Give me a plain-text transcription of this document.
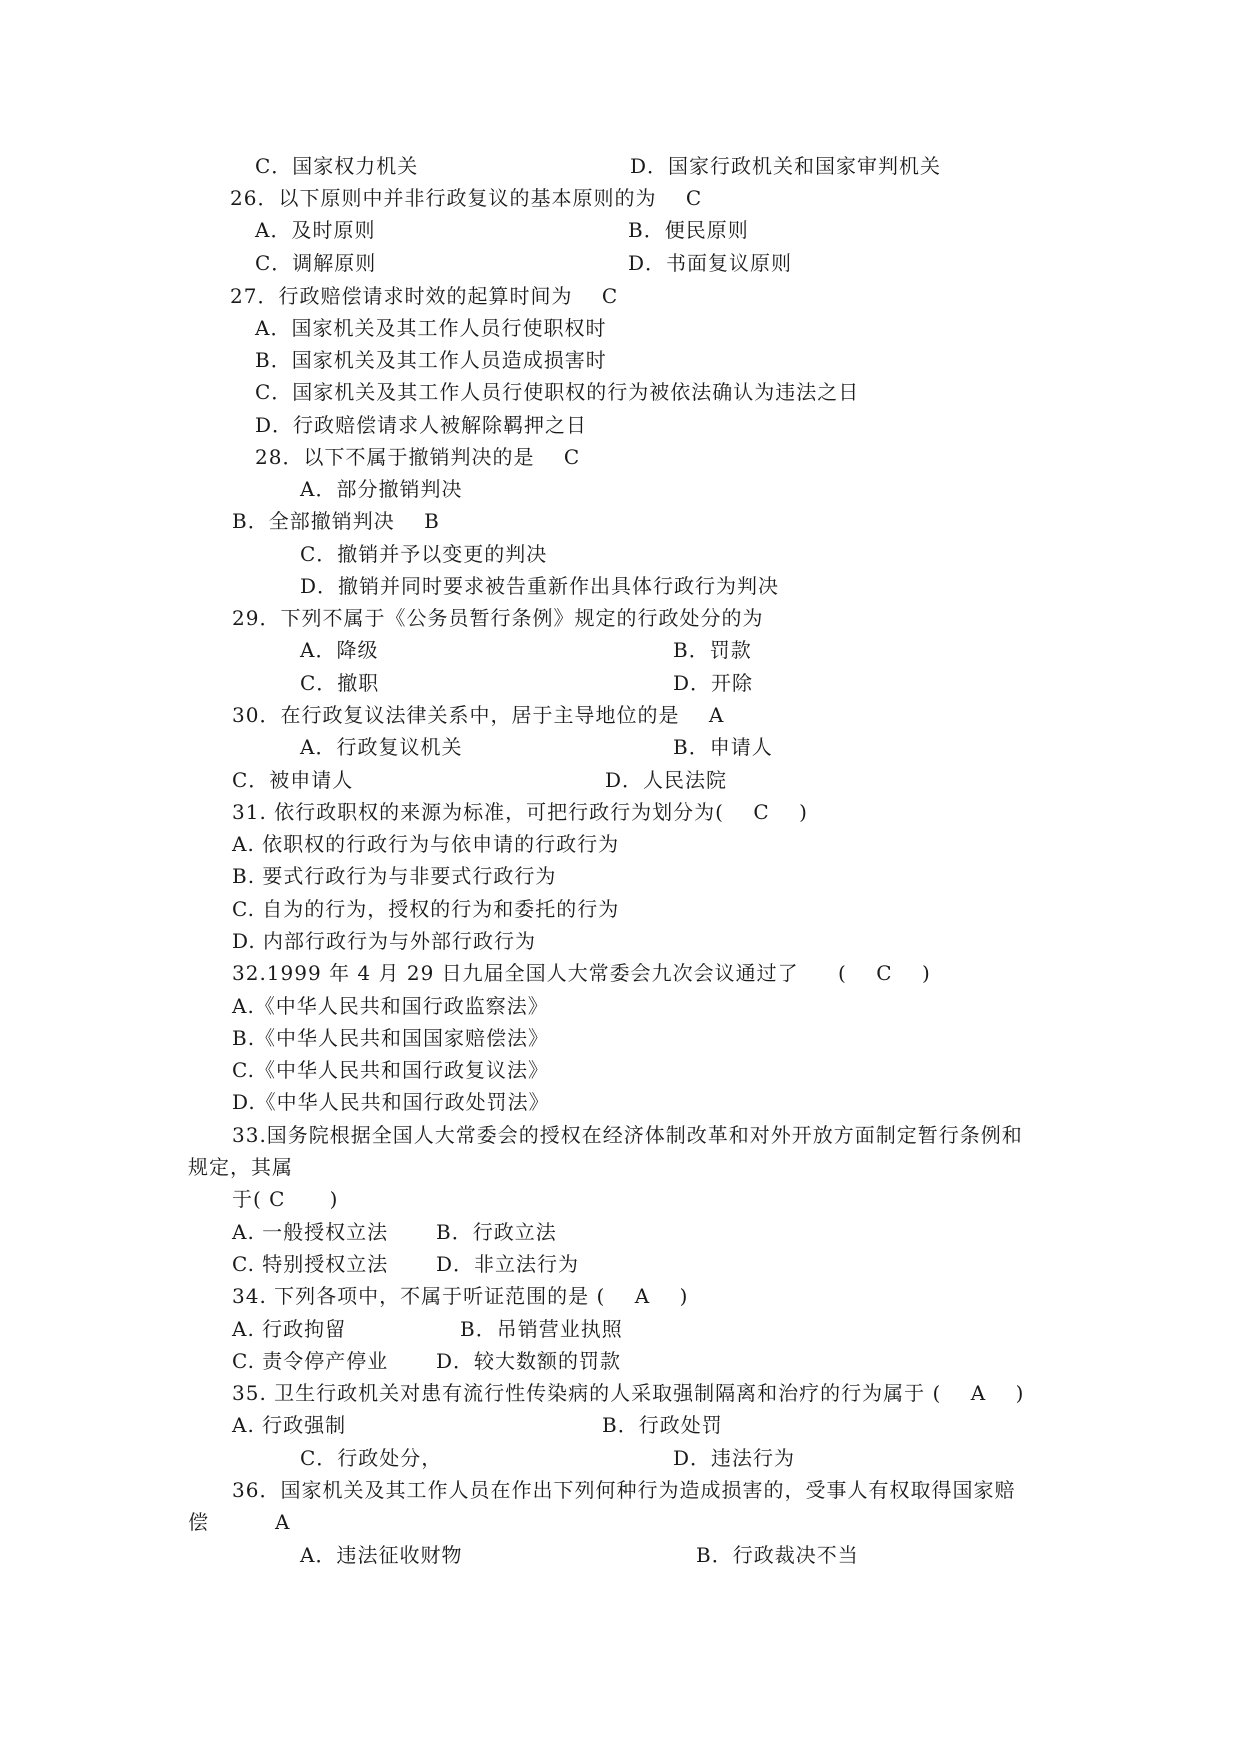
C．国家权力机关	D．国家行政机关和国家审判机关
26．以下原则中并非行政复议的基本原则的为    C
A．及时原则	B．便民原则
C．调解原则	D．书面复议原则
27．行政赔偿请求时效的起算时间为    C
A．国家机关及其工作人员行使职权时
B．国家机关及其工作人员造成损害时
C．国家机关及其工作人员行使职权的行为被依法确认为违法之日
D．行政赔偿请求人被解除羁押之日
28．以下不属于撤销判决的是    C
A．部分撤销判决
B．全部撤销判决    B
C．撤销并予以变更的判决
D．撤销并同时要求被告重新作出具体行政行为判决
29．下列不属于《公务员暂行条例》规定的行政处分的为
A．降级	B．罚款
C．撤职	D．开除
30．在行政复议法律关系中，居于主导地位的是    A
A．行政复议机关	B．申请人
C．被申请人	D．人民法院
31. 依行政职权的来源为标准，可把行政行为划分为(    C    )
A. 依职权的行政行为与依申请的行政行为
B. 要式行政行为与非要式行政行为
C. 自为的行为，授权的行为和委托的行为
D. 内部行政行为与外部行政行为
32.1999 年 4 月 29 日九届全国人大常委会九次会议通过了 (    C    )
A.《中华人民共和国行政监察法》
B.《中华人民共和国国家赔偿法》
C.《中华人民共和国行政复议法》
D.《中华人民共和国行政处罚法》
33.国务院根据全国人大常委会的授权在经济体制改革和对外开放方面制定暂行条例和
规定，其属
于( C      )
A. 一般授权立法 B．行政立法
C. 特别授权立法 D．非立法行为
34. 下列各项中，不属于听证范围的是 (    A    )
A. 行政拘留	B．吊销营业执照
C. 责令停产停业 D．较大数额的罚款
35. 卫生行政机关对患有流行性传染病的人采取强制隔离和治疗的行为属于 (    A    )
A. 行政强制	B．行政处罚
C．行政处分，	D．违法行为
36．国家机关及其工作人员在作出下列何种行为造成损害的，受事人有权取得国家赔
偿	A
A．违法征收财物	B．行政裁决不当
